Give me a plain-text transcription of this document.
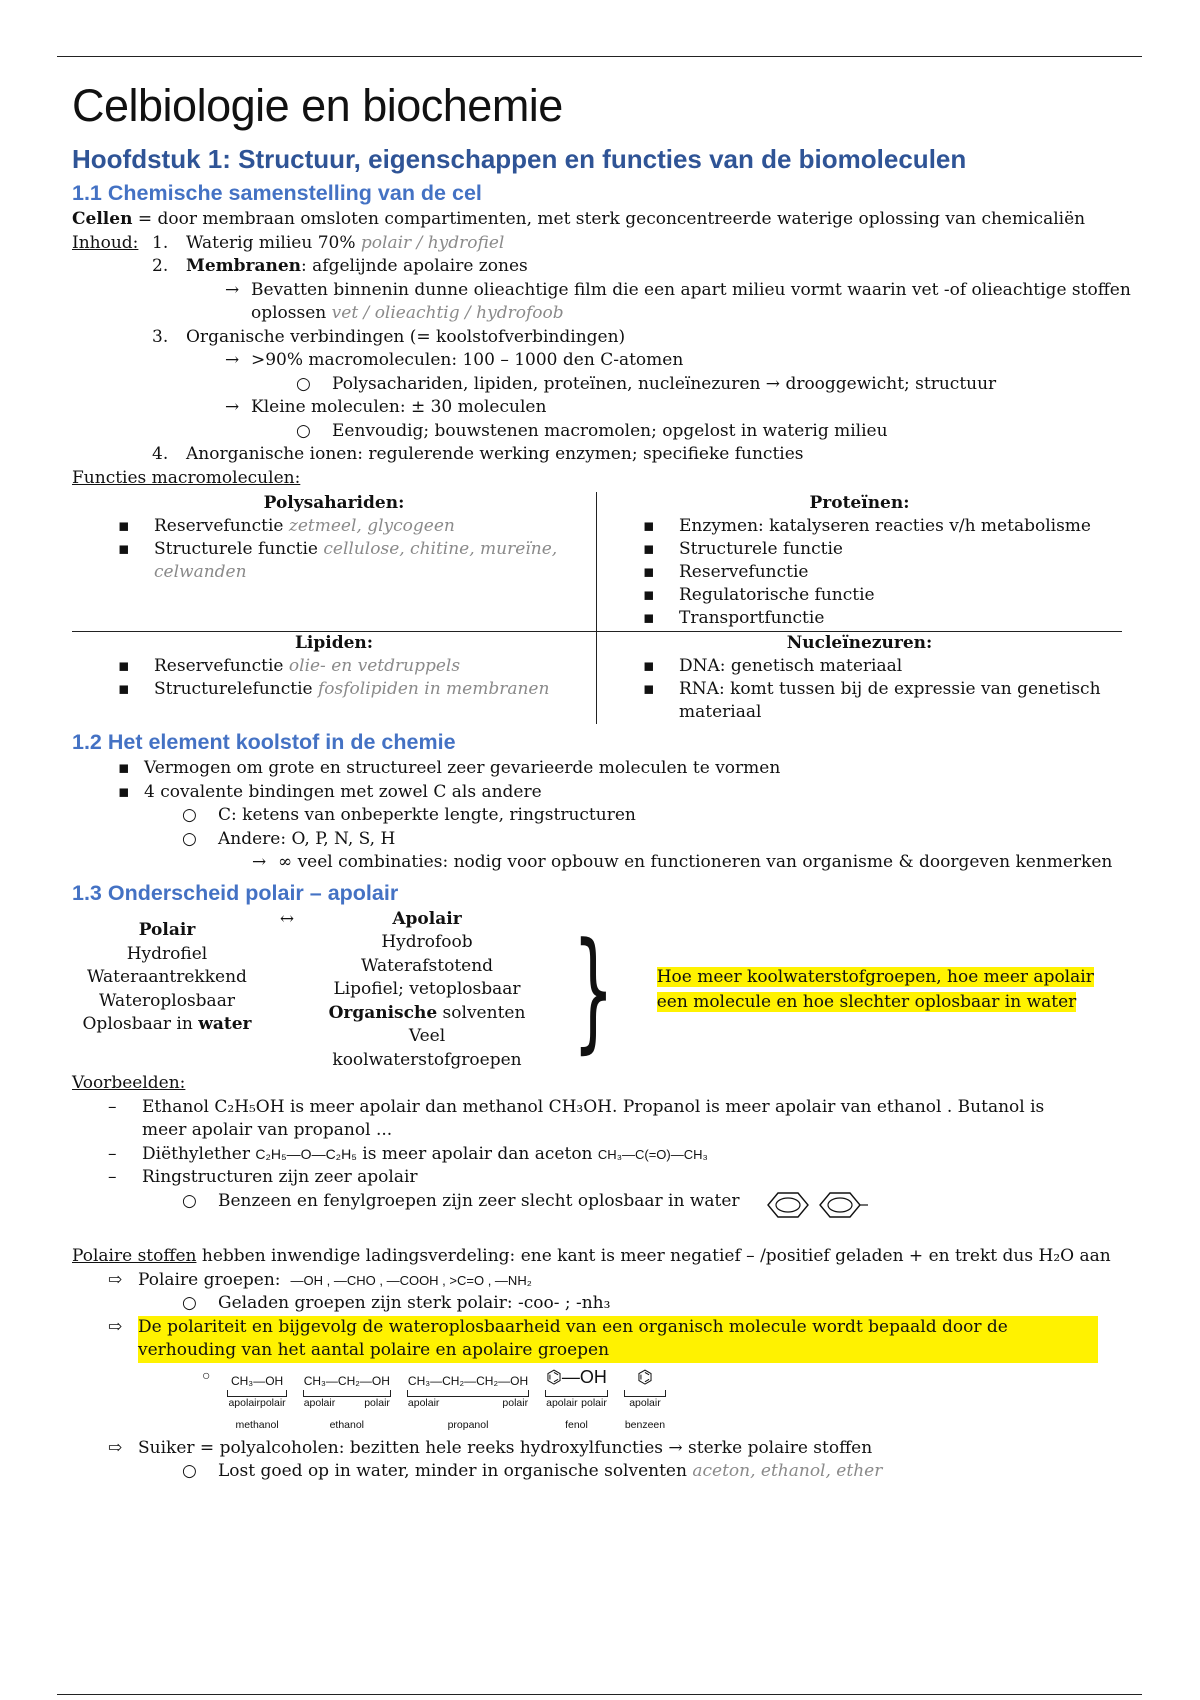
Celbiologie en biochemie
Hoofdstuk 1: Structuur, eigenschappen en functies van de biomoleculen
1.1 Chemische samenstelling van de cel
Cellen = door membraan omsloten compartimenten, met sterk geconcentreerde waterige oplossing van chemicaliën
Inhoud: 1.	Waterig milieu 70% polair / hydrofiel
2.	Membranen: afgelijnde apolaire zones
→ Bevatten binnenin dunne olieachtige film die een apart milieu vormt waarin vet -of olieachtige stoffen
oplossen vet / olieachtig / hydrofoob
3.	Organische verbindingen (= koolstofverbindingen)
→ >90% macromoleculen: 100 – 1000 den C-atomen
○	Polysachariden, lipiden, proteïnen, nucleïnezuren → drooggewicht; structuur
→ Kleine moleculen: ± 30 moleculen
○	Eenvoudig; bouwstenen macromolen; opgelost in waterig milieu
4.	Anorganische ionen: regulerende werking enzymen; specifieke functies
Functies macromoleculen:
Polysahariden:
▪ Reservefunctie zetmeel, glycogeen
▪ Structurele functie cellulose, chitine, mureïne, celwanden
Proteïnen:
▪ Enzymen: katalyseren reacties v/h metabolisme
▪ Structurele functie
▪ Reservefunctie
▪ Regulatorische functie
▪ Transportfunctie
Lipiden:
▪ Reservefunctie olie- en vetdruppels
▪ Structurelefunctie fosfolipiden in membranen
Nucleïnezuren:
▪ DNA: genetisch materiaal
▪ RNA: komt tussen bij de expressie van genetisch materiaal
1.2 Het element koolstof in de chemie
▪ Vermogen om grote en structureel zeer gevarieerde moleculen te vormen
▪ 4 covalente bindingen met zowel C als andere
○	C: ketens van onbeperkte lengte, ringstructuren
○	Andere: O, P, N, S, H
→ ∞ veel combinaties: nodig voor opbouw en functioneren van organisme & doorgeven kenmerken
1.3 Onderscheid polair – apolair
Polair
Hydrofiel
Wateraantrekkend
Wateroplosbaar
Oplosbaar in water

↔	Apolair
Hydrofoob
Waterafstotend
Lipofiel; vetoplosbaar
Organische solventen
Veel koolwaterstofgroepen }	Hoe meer koolwaterstofgroepen, hoe meer apolair een molecule en hoe slechter oplosbaar in water
Voorbeelden:
–	Ethanol C₂H₅OH is meer apolair dan methanol CH₃OH. Propanol is meer apolair van ethanol . Butanol is meer apolair van propanol ...
–	Diëthylether C₂H₅—O—C₂H₅ is meer apolair dan aceton CH₃—C(=O)—CH₃
–	Ringstructuren zijn zeer apolair
○	Benzeen en fenylgroepen zijn zeer slecht oplosbaar in water
Polaire stoffen hebben inwendige ladingsverdeling: ene kant is meer negatief – /positief geladen + en trekt dus H₂O aan
⇨ Polaire groepen: —OH , —CHO , —COOH , >C=O , —NH₂
○	Geladen groepen zijn sterk polair: -coo- ; -nh₃
⇨ De polariteit en bijgevolg de wateroplosbaarheid van een organisch molecule wordt bepaald door de verhouding van het aantal polaire en apolaire groepen
○ CH₃—OH
apolair polair
methanol
CH₃—CH₂—OH
apolair	polair
ethanol
CH₃—CH₂—CH₂—OH
apolair	polair
propanol
⌬—OH
apolair polair
fenol
⌬
apolair
benzeen
⇨ Suiker = polyalcoholen: bezitten hele reeks hydroxylfuncties → sterke polaire stoffen
○	Lost goed op in water, minder in organische solventen aceton, ethanol, ether
